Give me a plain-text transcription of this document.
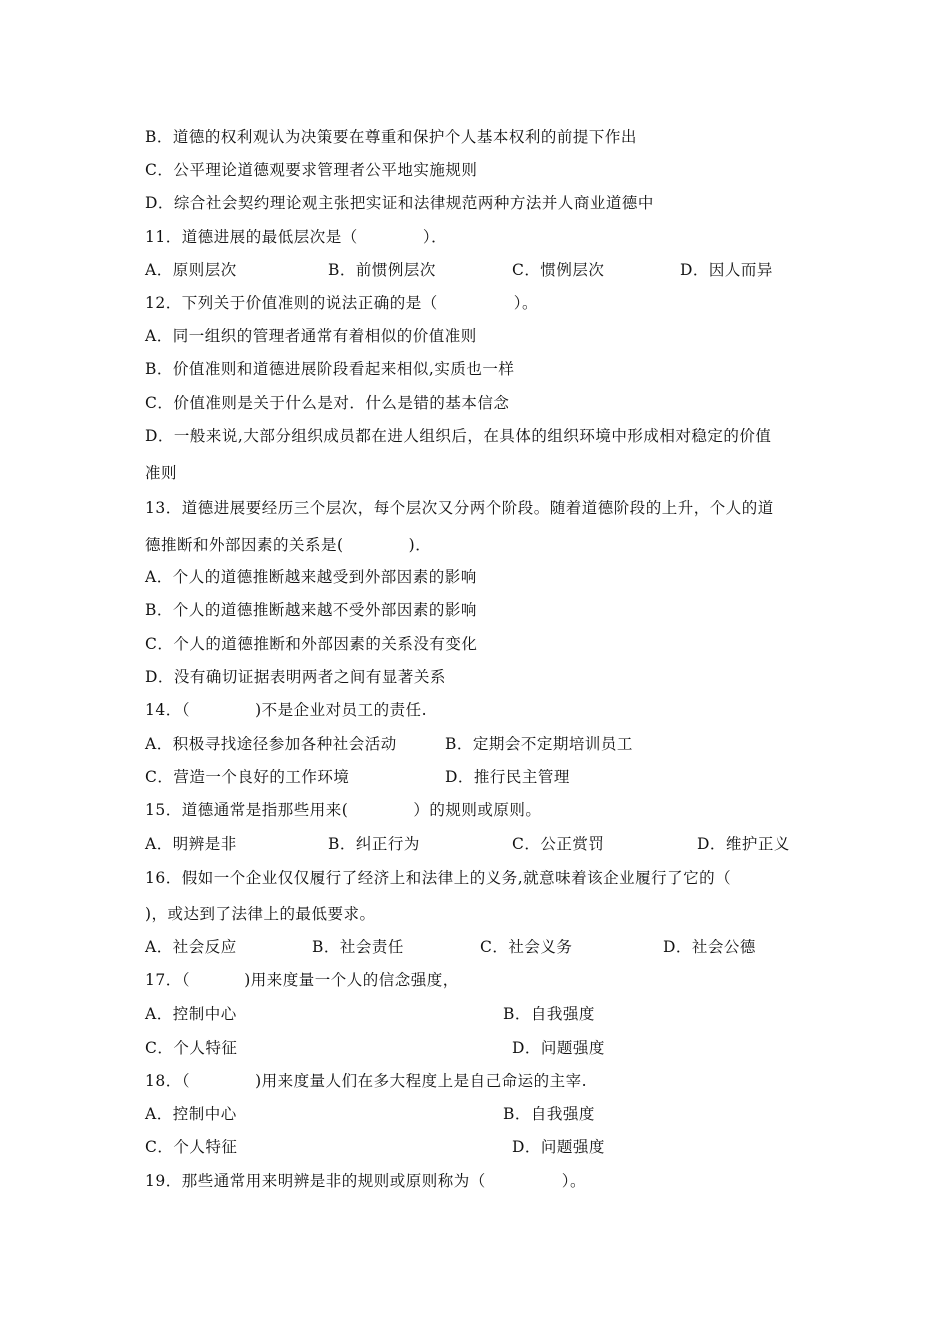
B．道德的权利观认为决策要在尊重和保护个人基本权利的前提下作出
C．公平理论道德观要求管理者公平地实施规则
D．综合社会契约理论观主张把实证和法律规范两种方法并人商业道德中
11．道德进展的最低层次是（            ）．
A．原则层次	B．前惯例层次	C．惯例层次	D．因人而异
12．下列关于价值准则的说法正确的是（              ）。
A．同一组织的管理者通常有着相似的价值准则
B．价值准则和道德进展阶段看起来相似,实质也一样
C．价值准则是关于什么是对．什么是错的基本信念
D．一般来说,大部分组织成员都在进人组织后，在具体的组织环境中形成相对稳定的价值
准则
13．道德进展要经历三个层次，每个层次又分两个阶段。随着道德阶段的上升，个人的道
德推断和外部因素的关系是(            )．
A．个人的道德推断越来越受到外部因素的影响
B．个人的道德推断越来越不受外部因素的影响
C．个人的道德推断和外部因素的关系没有变化
D．没有确切证据表明两者之间有显著关系
14．（            )不是企业对员工的责任.
A．积极寻找途径参加各种社会活动	B．定期会不定期培训员工
C．营造一个良好的工作环境	D．推行民主管理
15．道德通常是指那些用来(            ）的规则或原则。
A．明辨是非	B．纠正行为	C．公正赏罚	D．维护正义
16．假如一个企业仅仅履行了经济上和法律上的义务,就意味着该企业履行了它的（
)，或达到了法律上的最低要求。
A．社会反应	B．社会责任	C．社会义务	D．社会公德
17．（          )用来度量一个人的信念强度，
A．控制中心	B．自我强度
C．个人特征	D．问题强度
18．（            )用来度量人们在多大程度上是自己命运的主宰.
A．控制中心	B．自我强度
C．个人特征	D．问题强度
19．那些通常用来明辨是非的规则或原则称为（              ）。
